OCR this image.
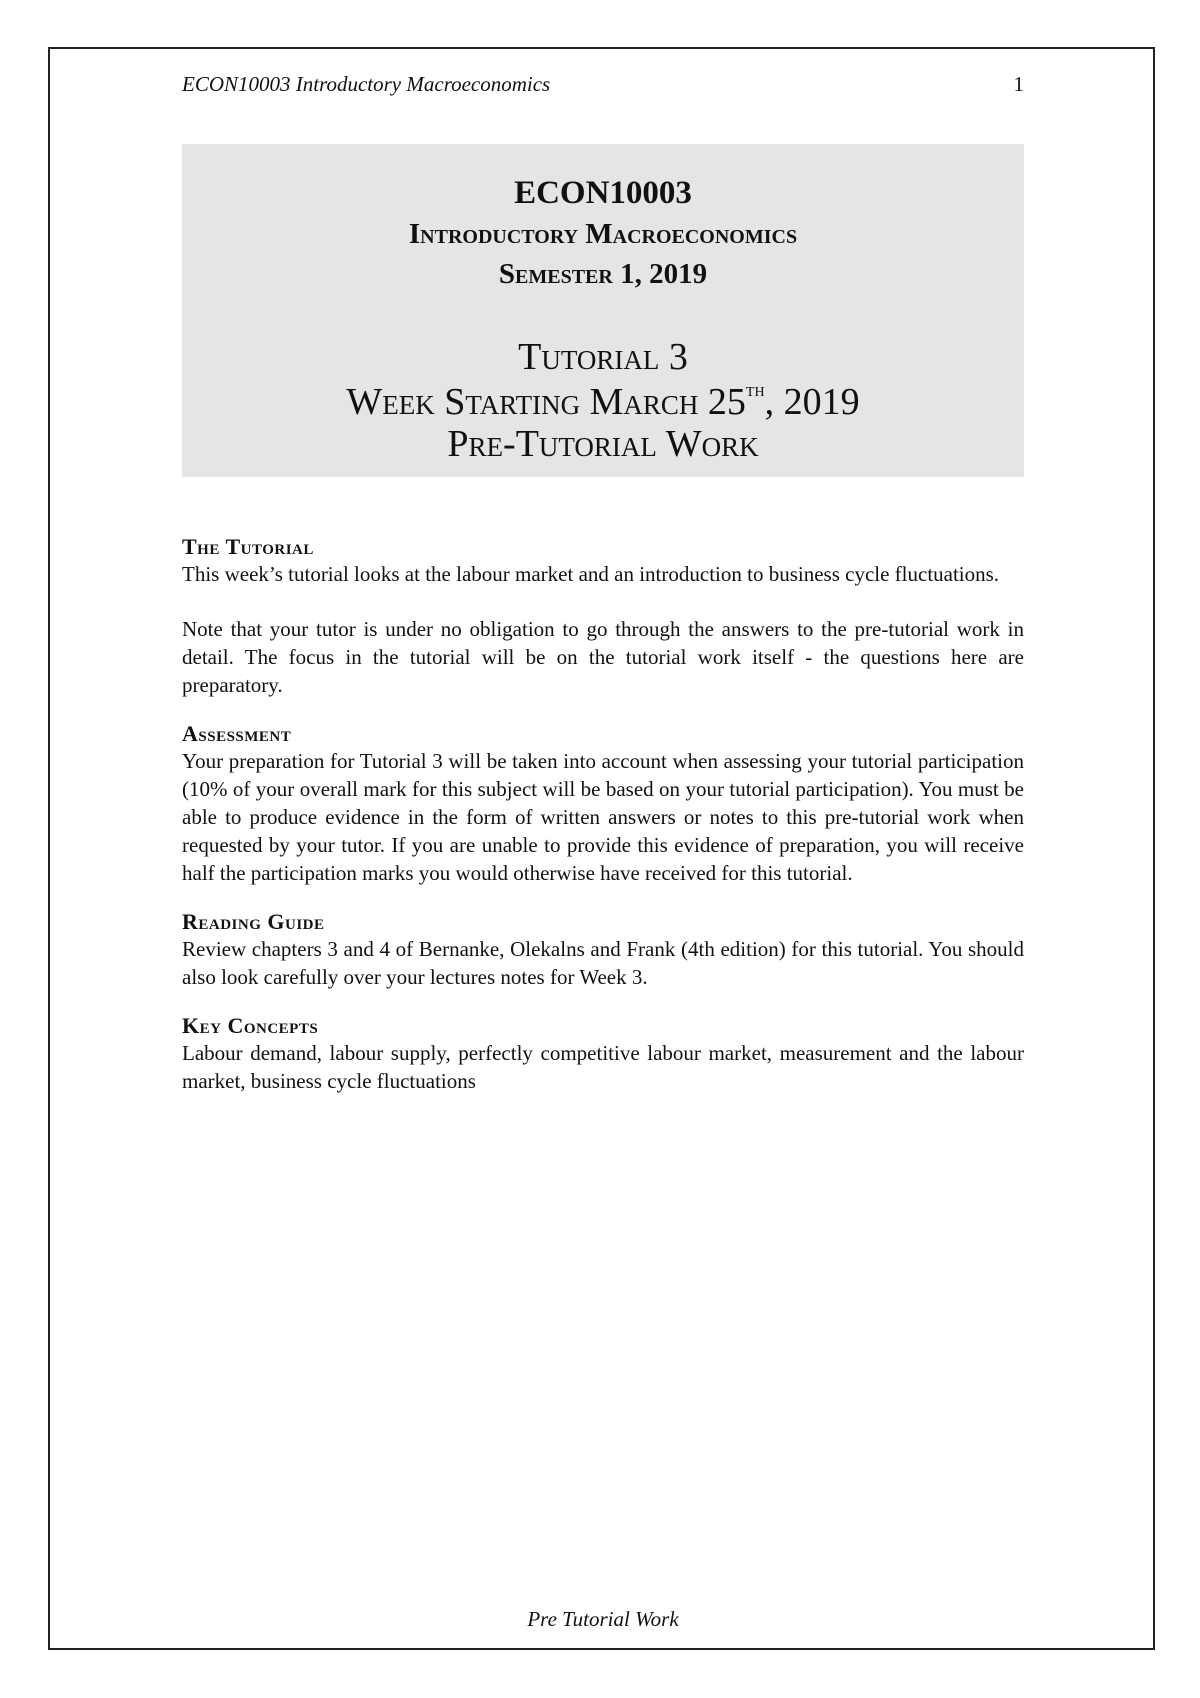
ECON10003 Introductory Macroeconomics	1
ECON10003
Introductory Macroeconomics
Semester 1, 2019
Tutorial 3
Week Starting March 25th, 2019
Pre-Tutorial Work
The Tutorial

This week’s tutorial looks at the labour market and an introduction to business cycle fluctuations.

Note that your tutor is under no obligation to go through the answers to the pre-tutorial work in detail. The focus in the tutorial will be on the tutorial work itself - the questions here are preparatory.

Assessment

Your preparation for Tutorial 3 will be taken into account when assessing your tutorial participation (10% of your overall mark for this subject will be based on your tutorial participation). You must be able to produce evidence in the form of written answers or notes to this pre-tutorial work when requested by your tutor. If you are unable to provide this evidence of preparation, you will receive half the participation marks you would otherwise have received for this tutorial.

Reading Guide

Review chapters 3 and 4 of Bernanke, Olekalns and Frank (4th edition) for this tutorial. You should also look carefully over your lectures notes for Week 3.

Key Concepts

Labour demand, labour supply, perfectly competitive labour market, measurement and the labour market, business cycle fluctuations

Pre Tutorial Work
